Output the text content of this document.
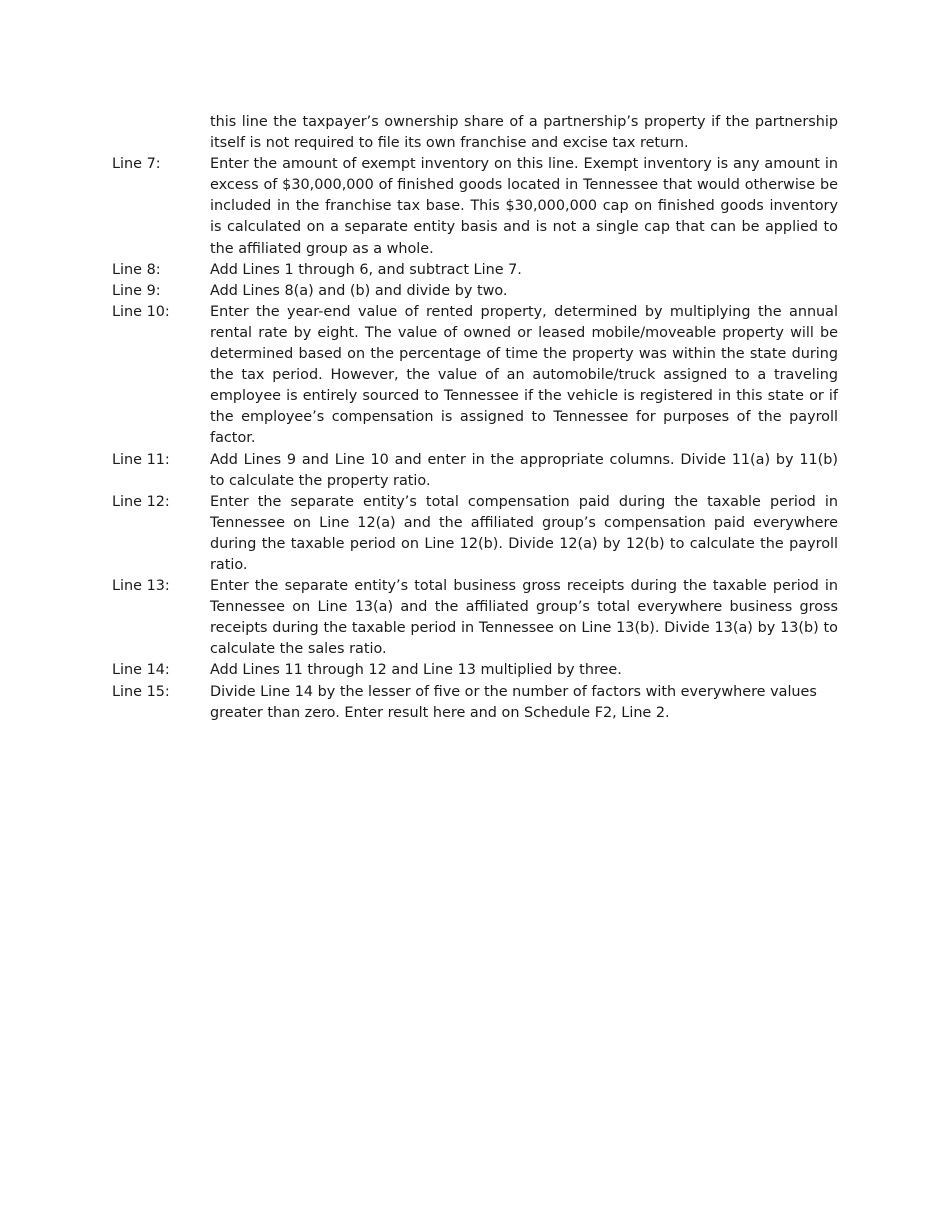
this line the taxpayer’s ownership share of a partnership’s property if the partnership itself is not required to file its own franchise and excise tax return.
Line 7:	Enter the amount of exempt inventory on this line. Exempt inventory is any amount in excess of $30,000,000 of finished goods located in Tennessee that would otherwise be included in the franchise tax base. This $30,000,000 cap on finished goods inventory is calculated on a separate entity basis and is not a single cap that can be applied to the affiliated group as a whole.
Line 8:	Add Lines 1 through 6, and subtract Line 7.
Line 9:	Add Lines 8(a) and (b) and divide by two.
Line 10:	Enter the year-end value of rented property, determined by multiplying the annual rental rate by eight. The value of owned or leased mobile/moveable property will be determined based on the percentage of time the property was within the state during the tax period. However, the value of an automobile/truck assigned to a traveling employee is entirely sourced to Tennessee if the vehicle is registered in this state or if the employee’s compensation is assigned to Tennessee for purposes of the payroll factor.
Line 11:	Add Lines 9 and Line 10 and enter in the appropriate columns. Divide 11(a) by 11(b) to calculate the property ratio.
Line 12:	Enter the separate entity’s total compensation paid during the taxable period in Tennessee on Line 12(a) and the affiliated group’s compensation paid everywhere during the taxable period on Line 12(b). Divide 12(a) by 12(b) to calculate the payroll ratio.
Line 13:	Enter the separate entity’s total business gross receipts during the taxable period in Tennessee on Line 13(a) and the affiliated group’s total everywhere business gross receipts during the taxable period in Tennessee on Line 13(b). Divide 13(a) by 13(b) to calculate the sales ratio.
Line 14:	Add Lines 11 through 12 and Line 13 multiplied by three.
Line 15:	Divide Line 14 by the lesser of five or the number of factors with everywhere values greater than zero. Enter result here and on Schedule F2, Line 2.
